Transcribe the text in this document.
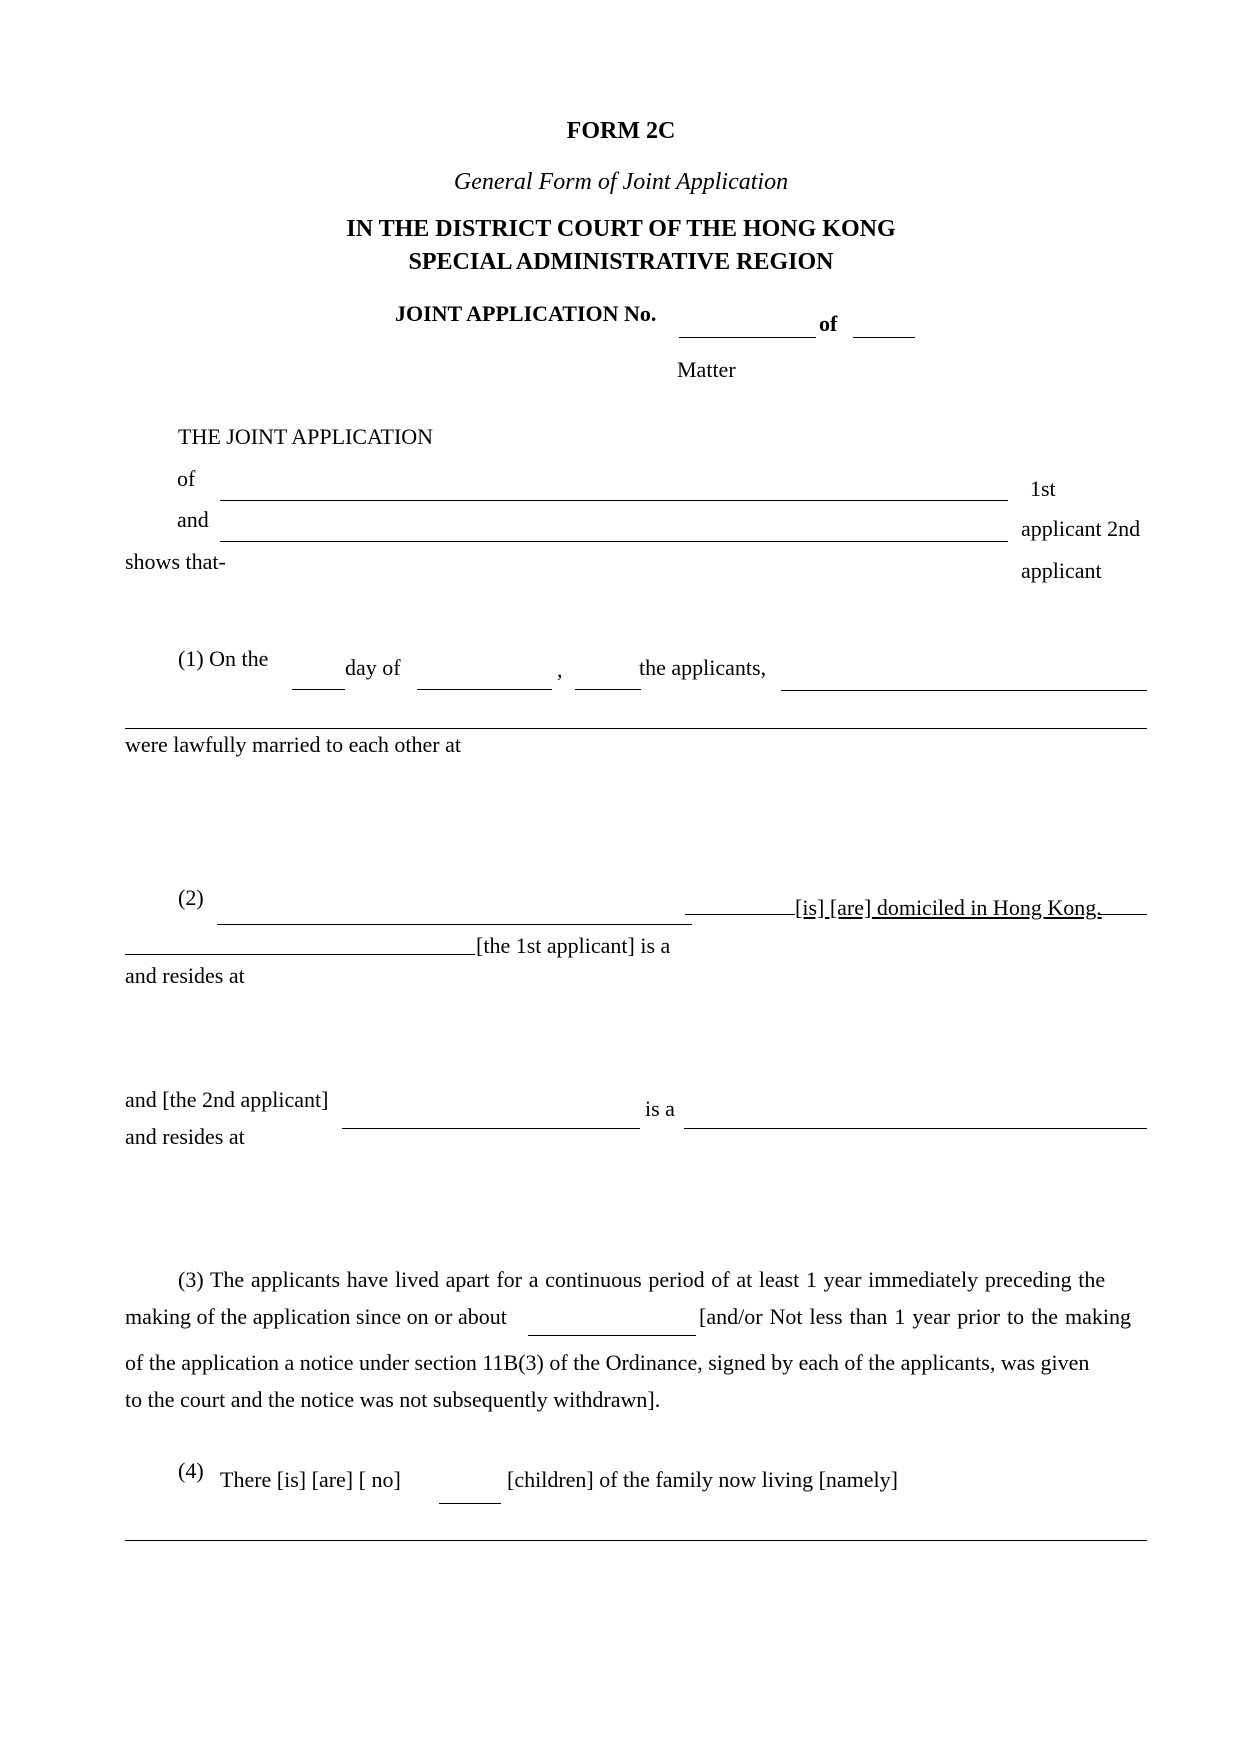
FORM 2C
General Form of Joint Application
IN THE DISTRICT COURT OF THE HONG KONG
SPECIAL ADMINISTRATIVE REGION
JOINT APPLICATION No.	of
Matter
THE JOINT APPLICATION
of	1st
and	applicant 2nd
shows that-	applicant
(1) On the	day of	,	the applicants,
were lawfully married to each other at
(2)	[is] [are] domiciled in Hong Kong.
[the 1st applicant] is a
and resides at
and [the 2nd applicant]	is a
and resides at
(3) The applicants have lived apart for a continuous period of at least 1 year immediately preceding the
making of the application since on or about	[and/or Not less than 1 year prior to the making
of the application a notice under section 11B(3) of the Ordinance, signed by each of the applicants, was given
to the court and the notice was not subsequently withdrawn].
(4) There [is] [are] [ no]	[children] of the family now living [namely]
